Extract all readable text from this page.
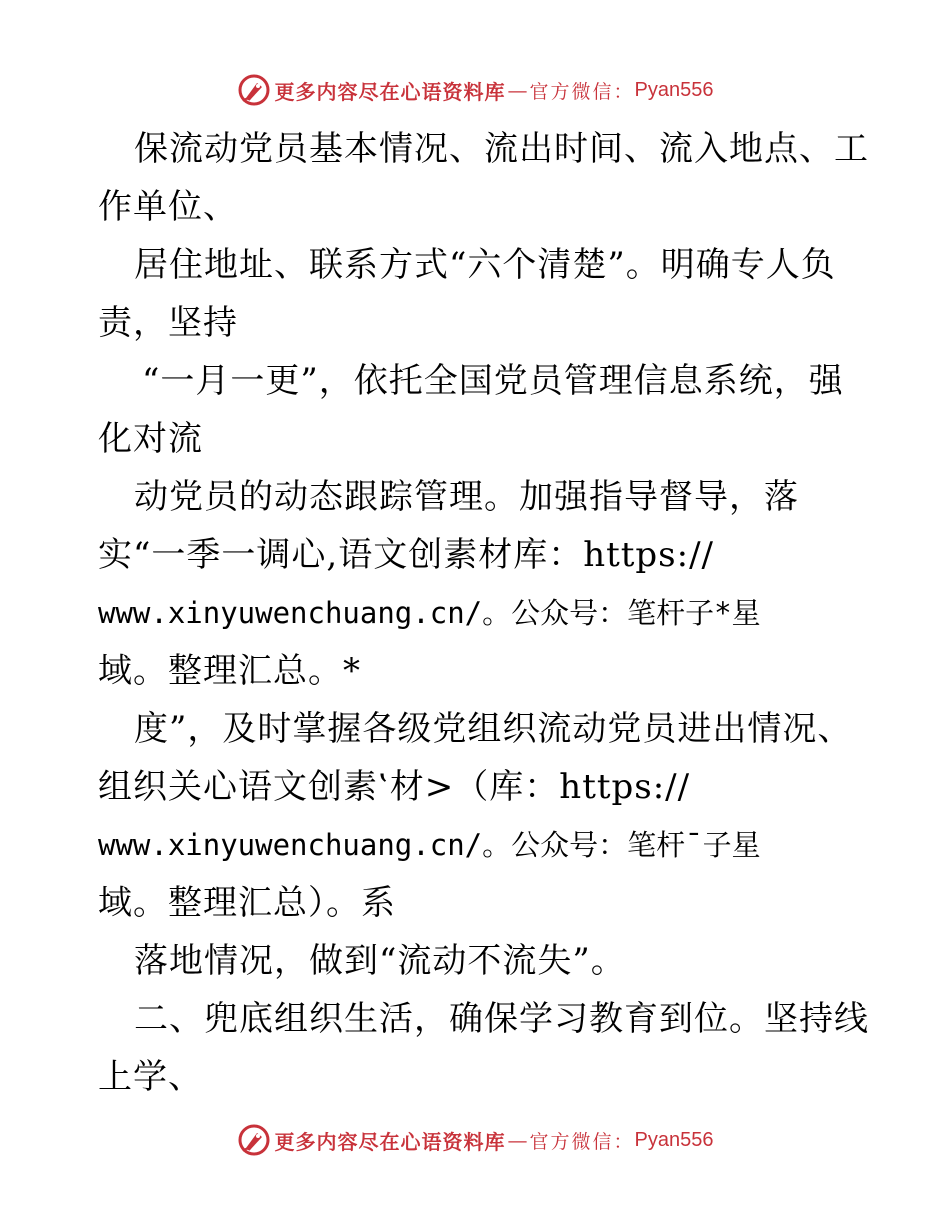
更多内容尽在心语资料库 — 官方微信： Pyan556
保流动党员基本情况、流出时间、流入地点、工
作单位、
居住地址、联系方式“六个清楚”。明确专人负
责，坚持
“一月一更”，依托全国党员管理信息系统，强
化对流
动党员的动态跟踪管理。加强指导督导，落
实“一季一调心,语文创素材库：https://
www.xinyuwenchuang.cn/。公众号：笔杆子*星
域。整理汇总。*
度”，及时掌握各级党组织流动党员进出情况、
组织关心语文创素‛材>（库：https://
www.xinyuwenchuang.cn/。公众号：笔杆¯子星
域。整理汇总）。系
落地情况，做到“流动不流失”。
二、兜底组织生活，确保学习教育到位。坚持线
上学、
更多内容尽在心语资料库 — 官方微信： Pyan556
